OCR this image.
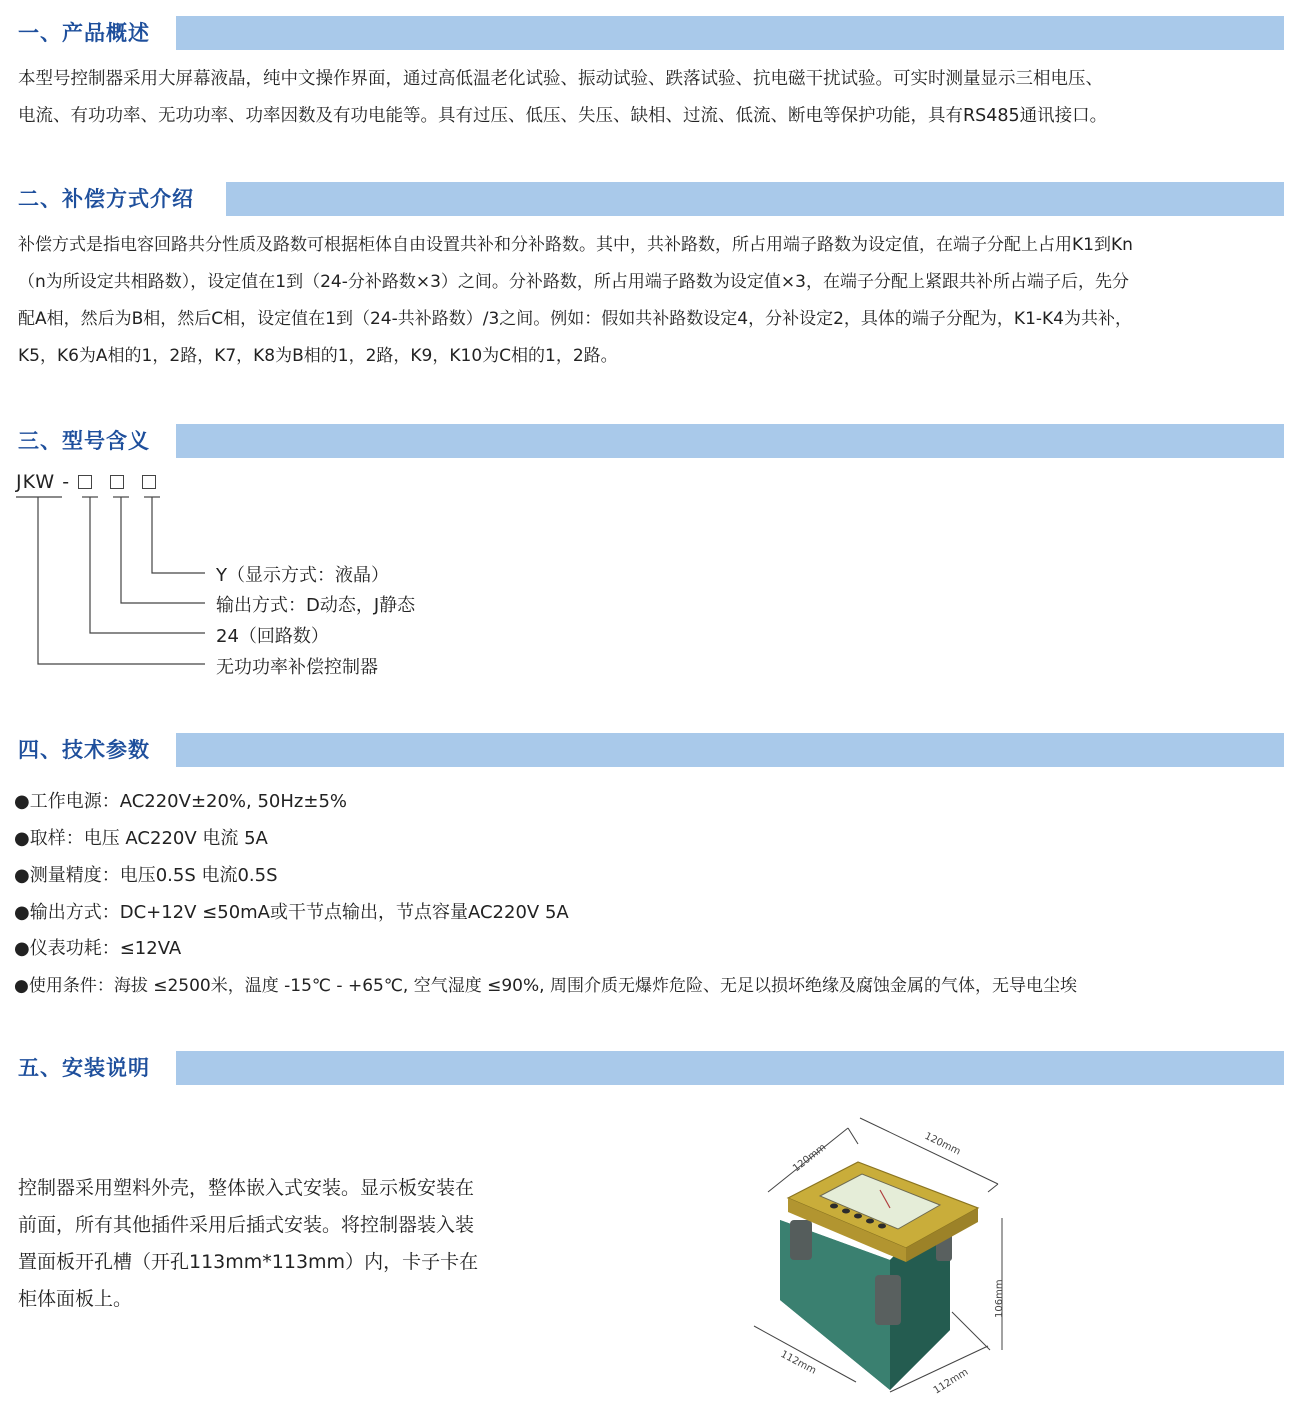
一、产品概述
本型号控制器采用大屏幕液晶，纯中文操作界面，通过高低温老化试验、振动试验、跌落试验、抗电磁干扰试验。可实时测量显示三相电压、
电流、有功功率、无功功率、功率因数及有功电能等。具有过压、低压、失压、缺相、过流、低流、断电等保护功能，具有RS485通讯接口。
二、补偿方式介绍
补偿方式是指电容回路共分性质及路数可根据柜体自由设置共补和分补路数。其中，共补路数，所占用端子路数为设定值，在端子分配上占用K1到Kn
（n为所设定共相路数），设定值在1到（24-分补路数×3）之间。分补路数，所占用端子路数为设定值×3，在端子分配上紧跟共补所占端子后，先分
配A相，然后为B相，然后C相，设定值在1到（24-共补路数）/3之间。例如：假如共补路数设定4，分补设定2，具体的端子分配为，K1-K4为共补，
K5，K6为A相的1，2路，K7，K8为B相的1，2路，K9，K10为C相的1，2路。
三、型号含义
JKW -
Y（显示方式：液晶）
输出方式：D动态，J静态
24（回路数）
无功功率补偿控制器
四、技术参数
●工作电源：AC220V±20%, 50Hz±5%
●取样：电压 AC220V 电流 5A
●测量精度：电压0.5S 电流0.5S
●输出方式：DC+12V ≤50mA或干节点输出，节点容量AC220V 5A
●仪表功耗：≤12VA
●使用条件：海拔 ≤2500米，温度 -15℃ - +65℃, 空气湿度 ≤90%, 周围介质无爆炸危险、无足以损坏绝缘及腐蚀金属的气体，无导电尘埃
五、安装说明
控制器采用塑料外壳，整体嵌入式安装。显示板安装在
前面，所有其他插件采用后插式安装。将控制器装入装
置面板开孔槽（开孔113mm*113mm）内，卡子卡在
柜体面板上。
120mm	120mm
106mm
112mm
112mm
